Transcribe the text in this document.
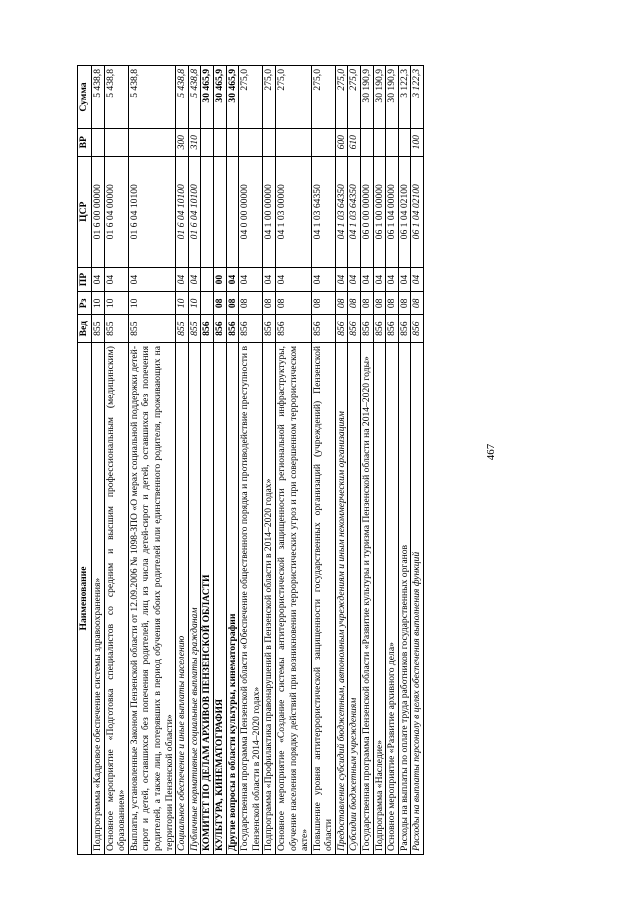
467
Наименование	Вед	Рз	ПР	ЦСР	ВР	Сумма
Подпрограмма «Кадровое обеспечение системы здравоохранения»	855	10	04	01 6 00 00000		5 438,8
Основное мероприятие «Подготовка специалистов со средним и высшим профессиональным (медицинским) образованием»	855	10	04	01 6 04 00000		5 438,8
Выплаты, установленные Законом Пензенской области от 12.09.2006 № 1098-ЗПО «О мерах социальной поддержки детей-сирот и детей, оставшихся без попечения родителей, лиц из числа детей-сирот и детей, оставшихся без попечения родителей, а также лиц, потерявших в период обучения обоих родителей или единственного родителя, проживающих на территории Пензенской области»	855	10	04	01 6 04 10100		5 438,8
Социальное обеспечение и иные выплаты населению	855	10	04	01 6 04 10100	300	5 438,8
Публичные нормативные социальные выплаты гражданам	855	10	04	01 6 04 10100	310	5 438,8
КОМИТЕТ ПО ДЕЛАМ АРХИВОВ ПЕНЗЕНСКОЙ ОБЛАСТИ	856					30 465,9
КУЛЬТУРА, КИНЕМАТОГРАФИЯ	856	08	00			30 465,9
Другие вопросы в области культуры, кинематографии	856	08	04			30 465,9
Государственная программа Пензенской области «Обеспечение общественного порядка и противодействие преступности в Пензенской области в 2014–2020 годах»	856	08	04	04 0 00 00000		275,0
Подпрограмма «Профилактика правонарушений в Пензенской области в 2014–2020 годах»	856	08	04	04 1 00 00000		275,0
Основное мероприятие «Создание системы антитеррористической защищенности региональной инфраструктуры, обучение населения порядку действий при возникновении террористических угроз и при совершенном террористическом акте»	856	08	04	04 1 03 00000		275,0
Повышение уровня антитеррористической защищенности государственных организаций (учреждений) Пензенской области	856	08	04	04 1 03 64350		275,0
Предоставление субсидий бюджетным, автономным учреждениям и иным некоммерческим организациям	856	08	04	04 1 03 64350	600	275,0
Субсидии бюджетным учреждениям	856	08	04	04 1 03 64350	610	275,0
Государственная программа Пензенской области «Развитие культуры и туризма Пензенской области на 2014–2020 годы»	856	08	04	06 0 00 00000		30 190,9
Подпрограмма «Наследие»	856	08	04	06 1 00 00000		30 190,9
Основное мероприятие «Развитие архивного дела»	856	08	04	06 1 04 00000		30 190,9
Расходы на выплаты по оплате труда работников государственных органов	856	08	04	06 1 04 02100		3 122,3
Расходы на выплаты персоналу в целях обеспечения выполнения функций	856	08	04	06 1 04 02100	100	3 122,3
